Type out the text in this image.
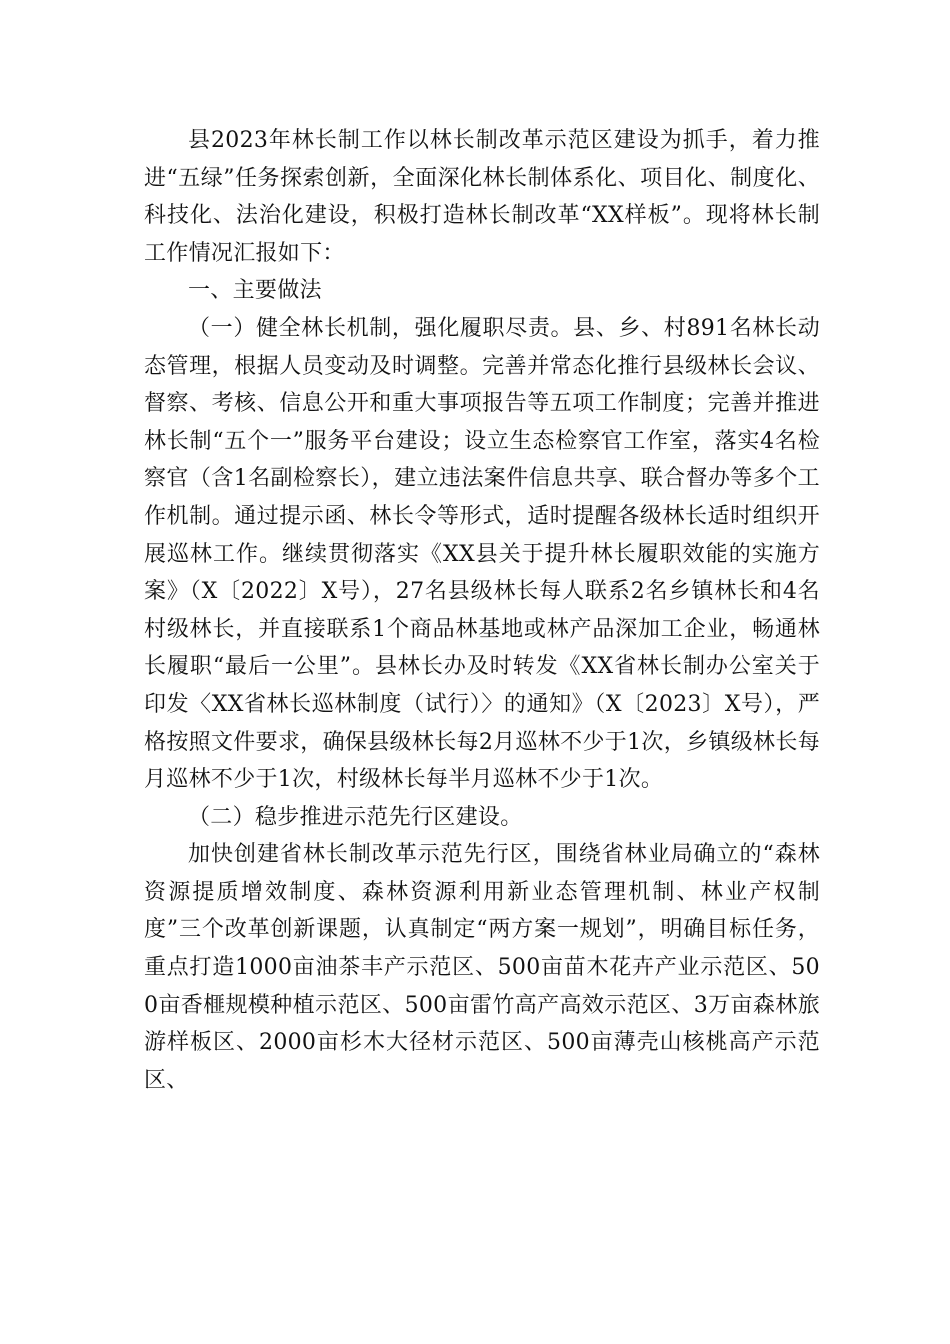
县2023年林长制工作以林长制改革示范区建设为抓手，着力推进“五绿”任务探索创新，全面深化林长制体系化、项目化、制度化、科技化、法治化建设，积极打造林长制改革“XX样板”。现将林长制工作情况汇报如下：

一、主要做法

（一）健全林长机制，强化履职尽责。县、乡、村891名林长动态管理，根据人员变动及时调整。完善并常态化推行县级林长会议、督察、考核、信息公开和重大事项报告等五项工作制度；完善并推进林长制“五个一”服务平台建设；设立生态检察官工作室，落实4名检察官（含1名副检察长），建立违法案件信息共享、联合督办等多个工作机制。通过提示函、林长令等形式，适时提醒各级林长适时组织开展巡林工作。继续贯彻落实《XX县关于提升林长履职效能的实施方案》（X〔2022〕X号），27名县级林长每人联系2名乡镇林长和4名村级林长，并直接联系1个商品林基地或林产品深加工企业，畅通林长履职“最后一公里”。县林长办及时转发《XX省林长制办公室关于印发〈XX省林长巡林制度（试行）〉的通知》（X〔2023〕X号），严格按照文件要求，确保县级林长每2月巡林不少于1次，乡镇级林长每月巡林不少于1次，村级林长每半月巡林不少于1次。

（二）稳步推进示范先行区建设。

加快创建省林长制改革示范先行区，围绕省林业局确立的“森林资源提质增效制度、森林资源利用新业态管理机制、林业产权制度”三个改革创新课题，认真制定“两方案一规划”，明确目标任务，重点打造1000亩油茶丰产示范区、500亩苗木花卉产业示范区、500亩香榧规模种植示范区、500亩雷竹高产高效示范区、3万亩森林旅游样板区、2000亩杉木大径材示范区、500亩薄壳山核桃高产示范区、
